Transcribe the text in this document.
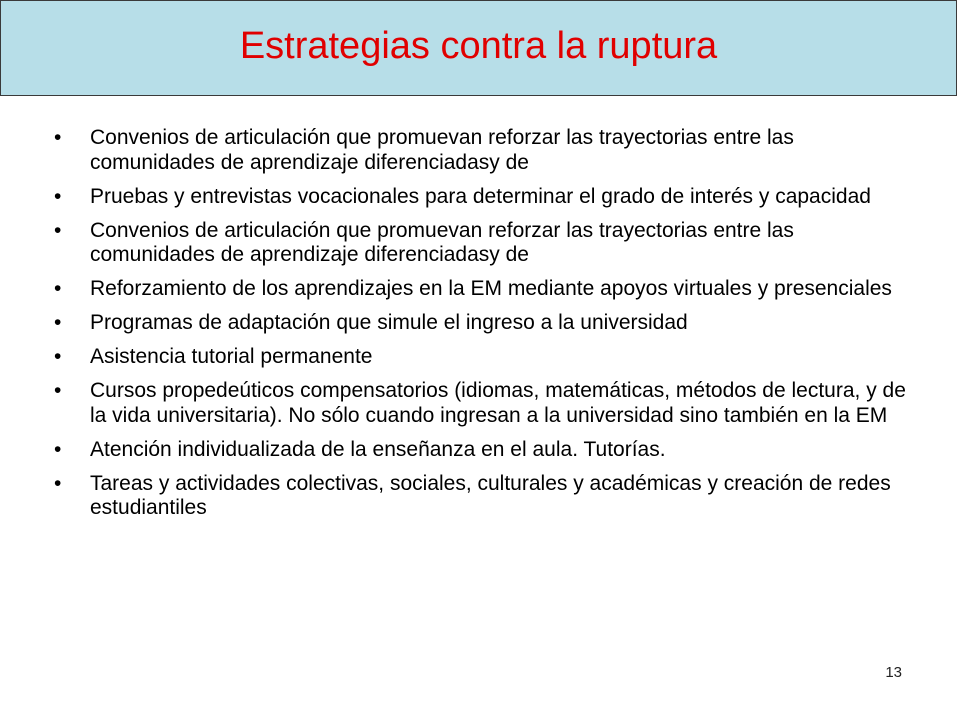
Estrategias contra la ruptura
• Convenios de articulación que promuevan reforzar las trayectorias entre las comunidades de aprendizaje diferenciadasy de
• Pruebas y entrevistas vocacionales para determinar el grado de interés y capacidad
• Convenios de articulación que promuevan reforzar las trayectorias entre las comunidades de aprendizaje diferenciadasy de
• Reforzamiento de los aprendizajes en la EM mediante apoyos virtuales y presenciales
• Programas de adaptación que simule el ingreso a la universidad
• Asistencia tutorial permanente
• Cursos propedeúticos compensatorios (idiomas, matemáticas, métodos de lectura, y de la vida universitaria). No sólo cuando ingresan a la universidad sino también en la EM
• Atención individualizada de la enseñanza en el aula. Tutorías.
• Tareas y actividades colectivas, sociales, culturales y académicas y creación de redes estudiantiles
13
